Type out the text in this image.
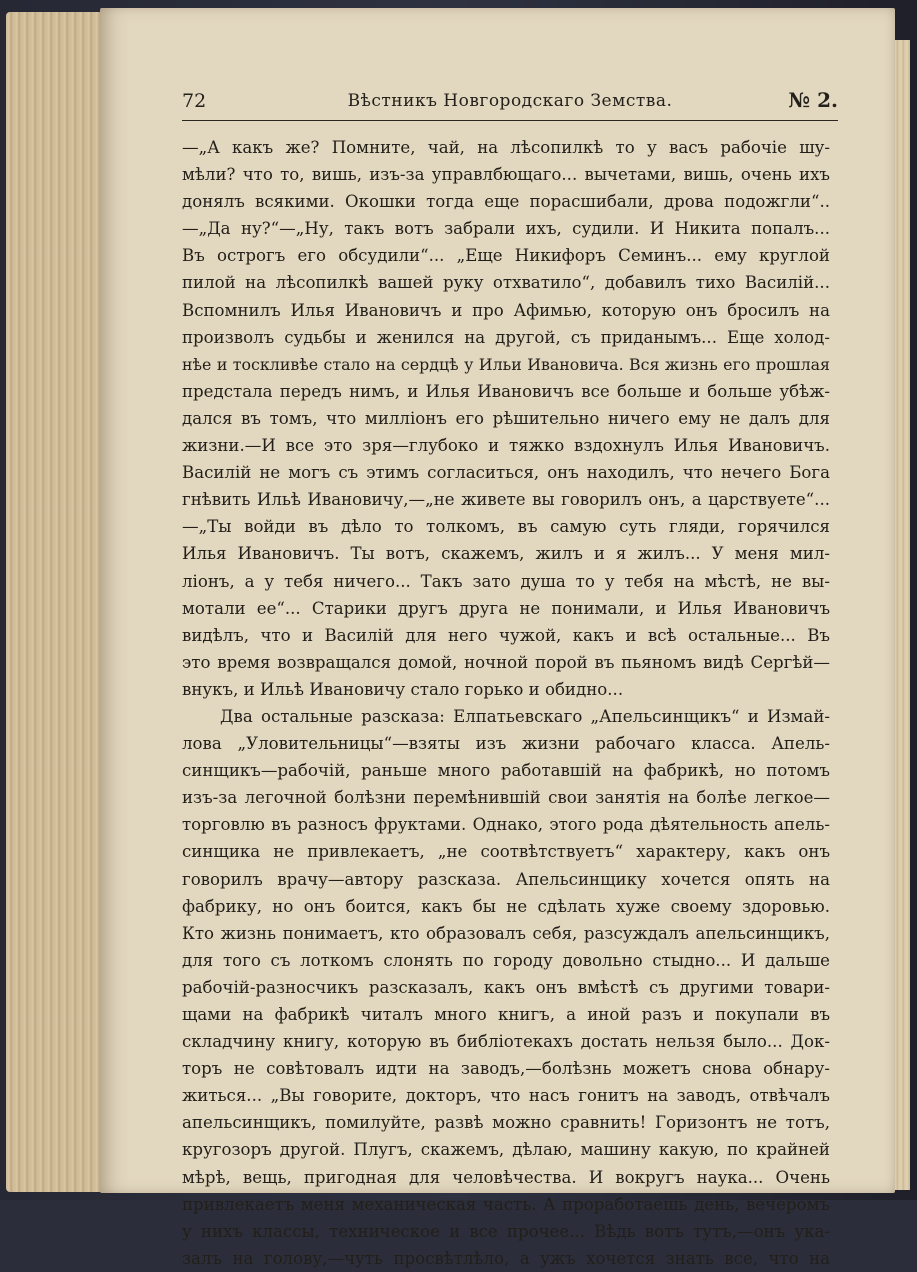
72	Вѣстникъ Новгородскаго Земства.	№ 2.
—„А какъ же? Помните, чай, на лѣсопилкѣ то у васъ рабочіе шу-
мѣли? что то, вишь, изъ-за управлбющаго... вычетами, вишь, очень ихъ
донялъ всякими. Окошки тогда еще порасшибали, дрова подожгли“..
—„Да ну?“—„Ну, такъ вотъ забрали ихъ, судили. И Никита попалъ...
Въ острогъ его обсудили“... „Еще Никифоръ Семинъ... ему круглой
пилой на лѣсопилкѣ вашей руку отхватило“, добавилъ тихо Василій...
Вспомнилъ Илья Ивановичъ и про Афимью, которую онъ бросилъ на
произволъ судьбы и женился на другой, съ приданымъ... Еще холод-
нѣе и тоскливѣе стало на сердцѣ у Ильи Ивановича. Вся жизнь его прошлая
предстала передъ нимъ, и Илья Ивановичъ все больше и больше убѣж-
дался въ томъ, что милліонъ его рѣшительно ничего ему не далъ для
жизни.—И все это зря—глубоко и тяжко вздохнулъ Илья Ивановичъ.
Василій не могъ съ этимъ согласиться, онъ находилъ, что нечего Бога
гнѣвить Ильѣ Ивановичу,—„не живете вы говорилъ онъ, а царствуете“...
—„Ты войди въ дѣло то толкомъ, въ самую суть гляди, горячился
Илья Ивановичъ. Ты вотъ, скажемъ, жилъ и я жилъ... У меня мил-
ліонъ, а у тебя ничего... Такъ зато душа то у тебя на мѣстѣ, не вы-
мотали ее“... Старики другъ друга не понимали, и Илья Ивановичъ
видѣлъ, что и Василій для него чужой, какъ и всѣ остальные... Въ
это время возвращался домой, ночной порой въ пьяномъ видѣ Сергѣй—
внукъ, и Ильѣ Ивановичу стало горько и обидно...
Два остальные разсказа: Елпатьевскаго „Апельсинщикъ“ и Измай-
лова „Уловительницы“—взяты изъ жизни рабочаго класса. Апель-
синщикъ—рабочій, раньше много работавшій на фабрикѣ, но потомъ
изъ-за легочной болѣзни перемѣнившій свои занятія на болѣе легкое—
торговлю въ разносъ фруктами. Однако, этого рода дѣятельность апель-
синщика не привлекаетъ, „не соотвѣтствуетъ“ характеру, какъ онъ
говорилъ врачу—автору разсказа. Апельсинщику хочется опять на
фабрику, но онъ боится, какъ бы не сдѣлать хуже своему здоровью.
Кто жизнь понимаетъ, кто образовалъ себя, разсуждалъ апельсинщикъ,
для того съ лоткомъ слонять по городу довольно стыдно... И дальше
рабочій-разносчикъ разсказалъ, какъ онъ вмѣстѣ съ другими товари-
щами на фабрикѣ читалъ много книгъ, а иной разъ и покупали въ
складчину книгу, которую въ библіотекахъ достать нельзя было... Док-
торъ не совѣтовалъ идти на заводъ,—болѣзнь можетъ снова обнару-
житься... „Вы говорите, докторъ, что насъ гонитъ на заводъ, отвѣчалъ
апельсинщикъ, помилуйте, развѣ можно сравнить! Горизонтъ не тотъ,
кругозоръ другой. Плугъ, скажемъ, дѣлаю, машину какую, по крайней
мѣрѣ, вещь, пригодная для человѣчества. И вокругъ наука... Очень
привлекаетъ меня механическая часть. А проработаешь день, вечеромъ
у нихъ классы, техническое и все прочее... Вѣдь вотъ тутъ,—онъ ука-
залъ на голову,—чуть просвѣтлѣло, а ужъ хочется знать все, что на
